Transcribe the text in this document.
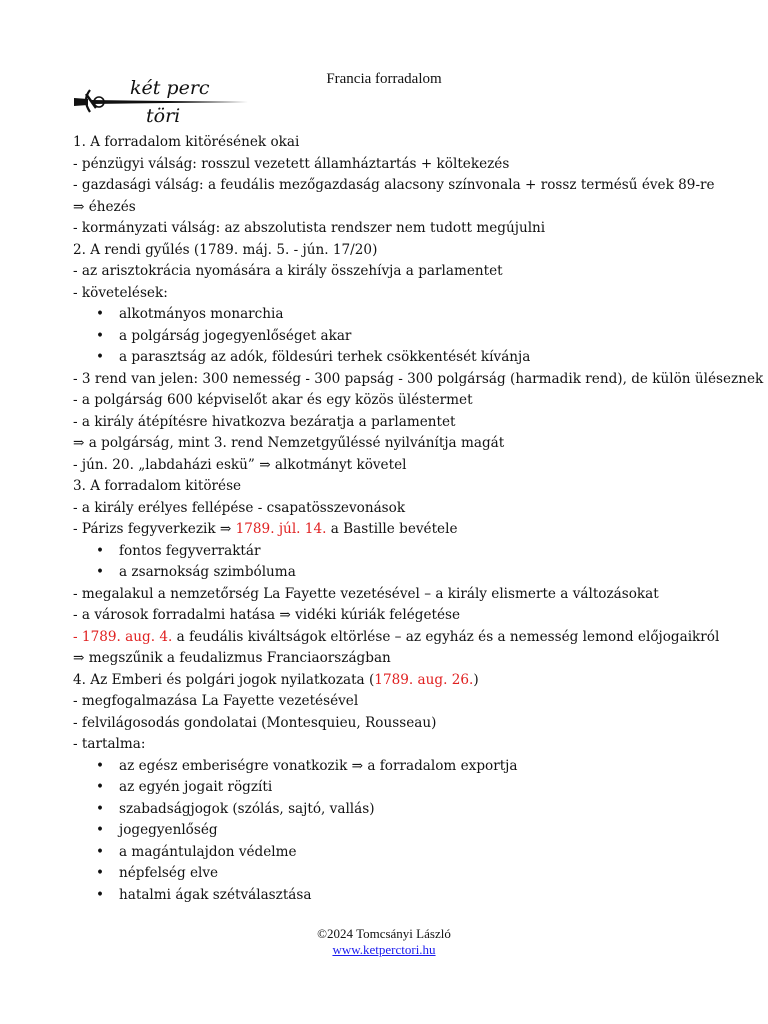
két perc
töri
Francia forradalom
1. A forradalom kitörésének okai
- pénzügyi válság: rosszul vezetett államháztartás + költekezés
- gazdasági válság: a feudális mezőgazdaság alacsony színvonala + rossz termésű évek 89-re
⇒ éhezés
- kormányzati válság: az abszolutista rendszer nem tudott megújulni
2. A rendi gyűlés (1789. máj. 5. - jún. 17/20)
- az arisztokrácia nyomására a király összehívja a parlamentet
- követelések:
• alkotmányos monarchia
• a polgárság jogegyenlőséget akar
• a parasztság az adók, földesúri terhek csökkentését kívánja
- 3 rend van jelen: 300 nemesség - 300 papság - 300 polgárság (harmadik rend), de külön üléseznek
- a polgárság 600 képviselőt akar és egy közös üléstermet
- a király átépítésre hivatkozva bezáratja a parlamentet
⇒ a polgárság, mint 3. rend Nemzetgyűléssé nyilvánítja magát
- jún. 20. „labdaházi eskü” ⇒ alkotmányt követel
3. A forradalom kitörése
- a király erélyes fellépése - csapatösszevonások
- Párizs fegyverkezik ⇒ 1789. júl. 14. a Bastille bevétele
• fontos fegyverraktár
• a zsarnokság szimbóluma
- megalakul a nemzetőrség La Fayette vezetésével – a király elismerte a változásokat
- a városok forradalmi hatása ⇒ vidéki kúriák felégetése
- 1789. aug. 4. a feudális kiváltságok eltörlése – az egyház és a nemesség lemond előjogaikról
⇒ megszűnik a feudalizmus Franciaországban
4. Az Emberi és polgári jogok nyilatkozata (1789. aug. 26.)
- megfogalmazása La Fayette vezetésével
- felvilágosodás gondolatai (Montesquieu, Rousseau)
- tartalma:
• az egész emberiségre vonatkozik ⇒ a forradalom exportja
• az egyén jogait rögzíti
• szabadságjogok (szólás, sajtó, vallás)
• jogegyenlőség
• a magántulajdon védelme
• népfelség elve
• hatalmi ágak szétválasztása
©2024 Tomcsányi László
www.ketperctori.hu
